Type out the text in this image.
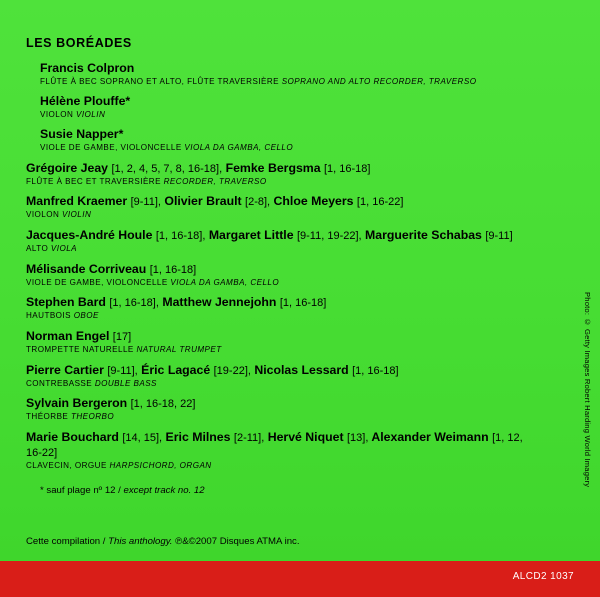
LES BORÉADES
Francis Colpron
FLÛTE À BEC SOPRANO ET ALTO, FLÛTE TRAVERSIÈRE SOPRANO AND ALTO RECORDER, TRAVERSO
Hélène Plouffe*
VIOLON VIOLIN
Susie Napper*
VIOLE DE GAMBE, VIOLONCELLE VIOLA DA GAMBA, CELLO
Grégoire Jeay [1, 2, 4, 5, 7, 8, 16-18], Femke Bergsma [1, 16-18]
FLÛTE À BEC ET TRAVERSIÈRE RECORDER, TRAVERSO
Manfred Kraemer [9-11], Olivier Brault [2-8], Chloe Meyers [1, 16-22]
VIOLON VIOLIN
Jacques-André Houle [1, 16-18], Margaret Little [9-11, 19-22], Marguerite Schabas [9-11]
ALTO VIOLA
Mélisande Corriveau [1, 16-18]
VIOLE DE GAMBE, VIOLONCELLE VIOLA DA GAMBA, CELLO
Stephen Bard [1, 16-18], Matthew Jennejohn [1, 16-18]
HAUTBOIS OBOE
Norman Engel [17]
TROMPETTE NATURELLE NATURAL TRUMPET
Pierre Cartier [9-11], Éric Lagacé [19-22], Nicolas Lessard [1, 16-18]
CONTREBASSE DOUBLE BASS
Sylvain Bergeron [1, 16-18, 22]
THÉORBE THEORBO
Marie Bouchard [14, 15], Eric Milnes [2-11], Hervé Niquet [13], Alexander Weimann [1, 12, 16-22]
CLAVECIN, ORGUE HARPSICHORD, ORGAN
* sauf plage nº 12 / except track no. 12
Cette compilation / This anthology. ℗&©2007 Disques ATMA inc.
Photo: © Getty Images Robert Harding World Imagery
ALCD2 1037
